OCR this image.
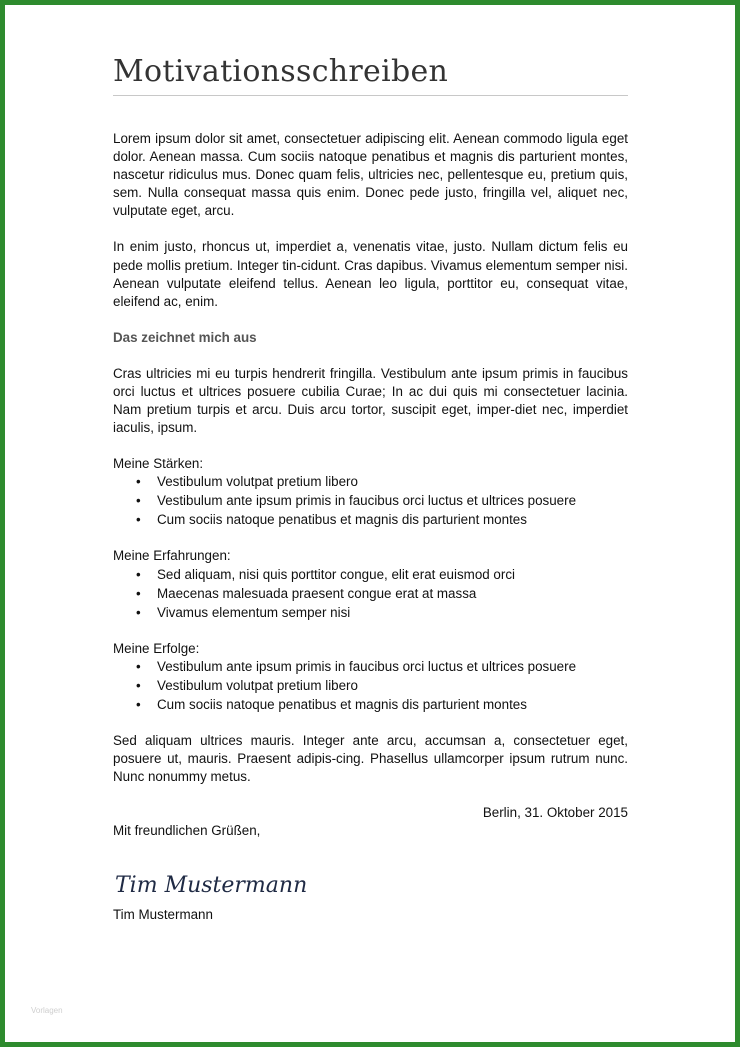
Motivationsschreiben

Lorem ipsum dolor sit amet, consectetuer adipiscing elit. Aenean commodo ligula eget dolor. Aenean massa. Cum sociis natoque penatibus et magnis dis parturient montes, nascetur ridiculus mus. Donec quam felis, ultricies nec, pellentesque eu, pretium quis, sem. Nulla consequat massa quis enim. Donec pede justo, fringilla vel, aliquet nec, vulputate eget, arcu.

In enim justo, rhoncus ut, imperdiet a, venenatis vitae, justo. Nullam dictum felis eu pede mollis pretium. Integer tin-cidunt. Cras dapibus. Vivamus elementum semper nisi. Aenean vulputate eleifend tellus. Aenean leo ligula, porttitor eu, consequat vitae, eleifend ac, enim.

Das zeichnet mich aus

Cras ultricies mi eu turpis hendrerit fringilla. Vestibulum ante ipsum primis in faucibus orci luctus et ultrices posuere cubilia Curae; In ac dui quis mi consectetuer lacinia. Nam pretium turpis et arcu. Duis arcu tortor, suscipit eget, imper-diet nec, imperdiet iaculis, ipsum.

Meine Stärken:

• Vestibulum volutpat pretium libero
• Vestibulum ante ipsum primis in faucibus orci luctus et ultrices posuere
• Cum sociis natoque penatibus et magnis dis parturient montes

Meine Erfahrungen:

• Sed aliquam, nisi quis porttitor congue, elit erat euismod orci
• Maecenas malesuada praesent congue erat at massa
• Vivamus elementum semper nisi

Meine Erfolge:

• Vestibulum ante ipsum primis in faucibus orci luctus et ultrices posuere
• Vestibulum volutpat pretium libero
• Cum sociis natoque penatibus et magnis dis parturient montes

Sed aliquam ultrices mauris. Integer ante arcu, accumsan a, consectetuer eget, posuere ut, mauris. Praesent adipis-cing. Phasellus ullamcorper ipsum rutrum nunc. Nunc nonummy metus.

Berlin, 31. Oktober 2015

Mit freundlichen Grüßen,

Tim Mustermann
Tim Mustermann
Vorlagen
